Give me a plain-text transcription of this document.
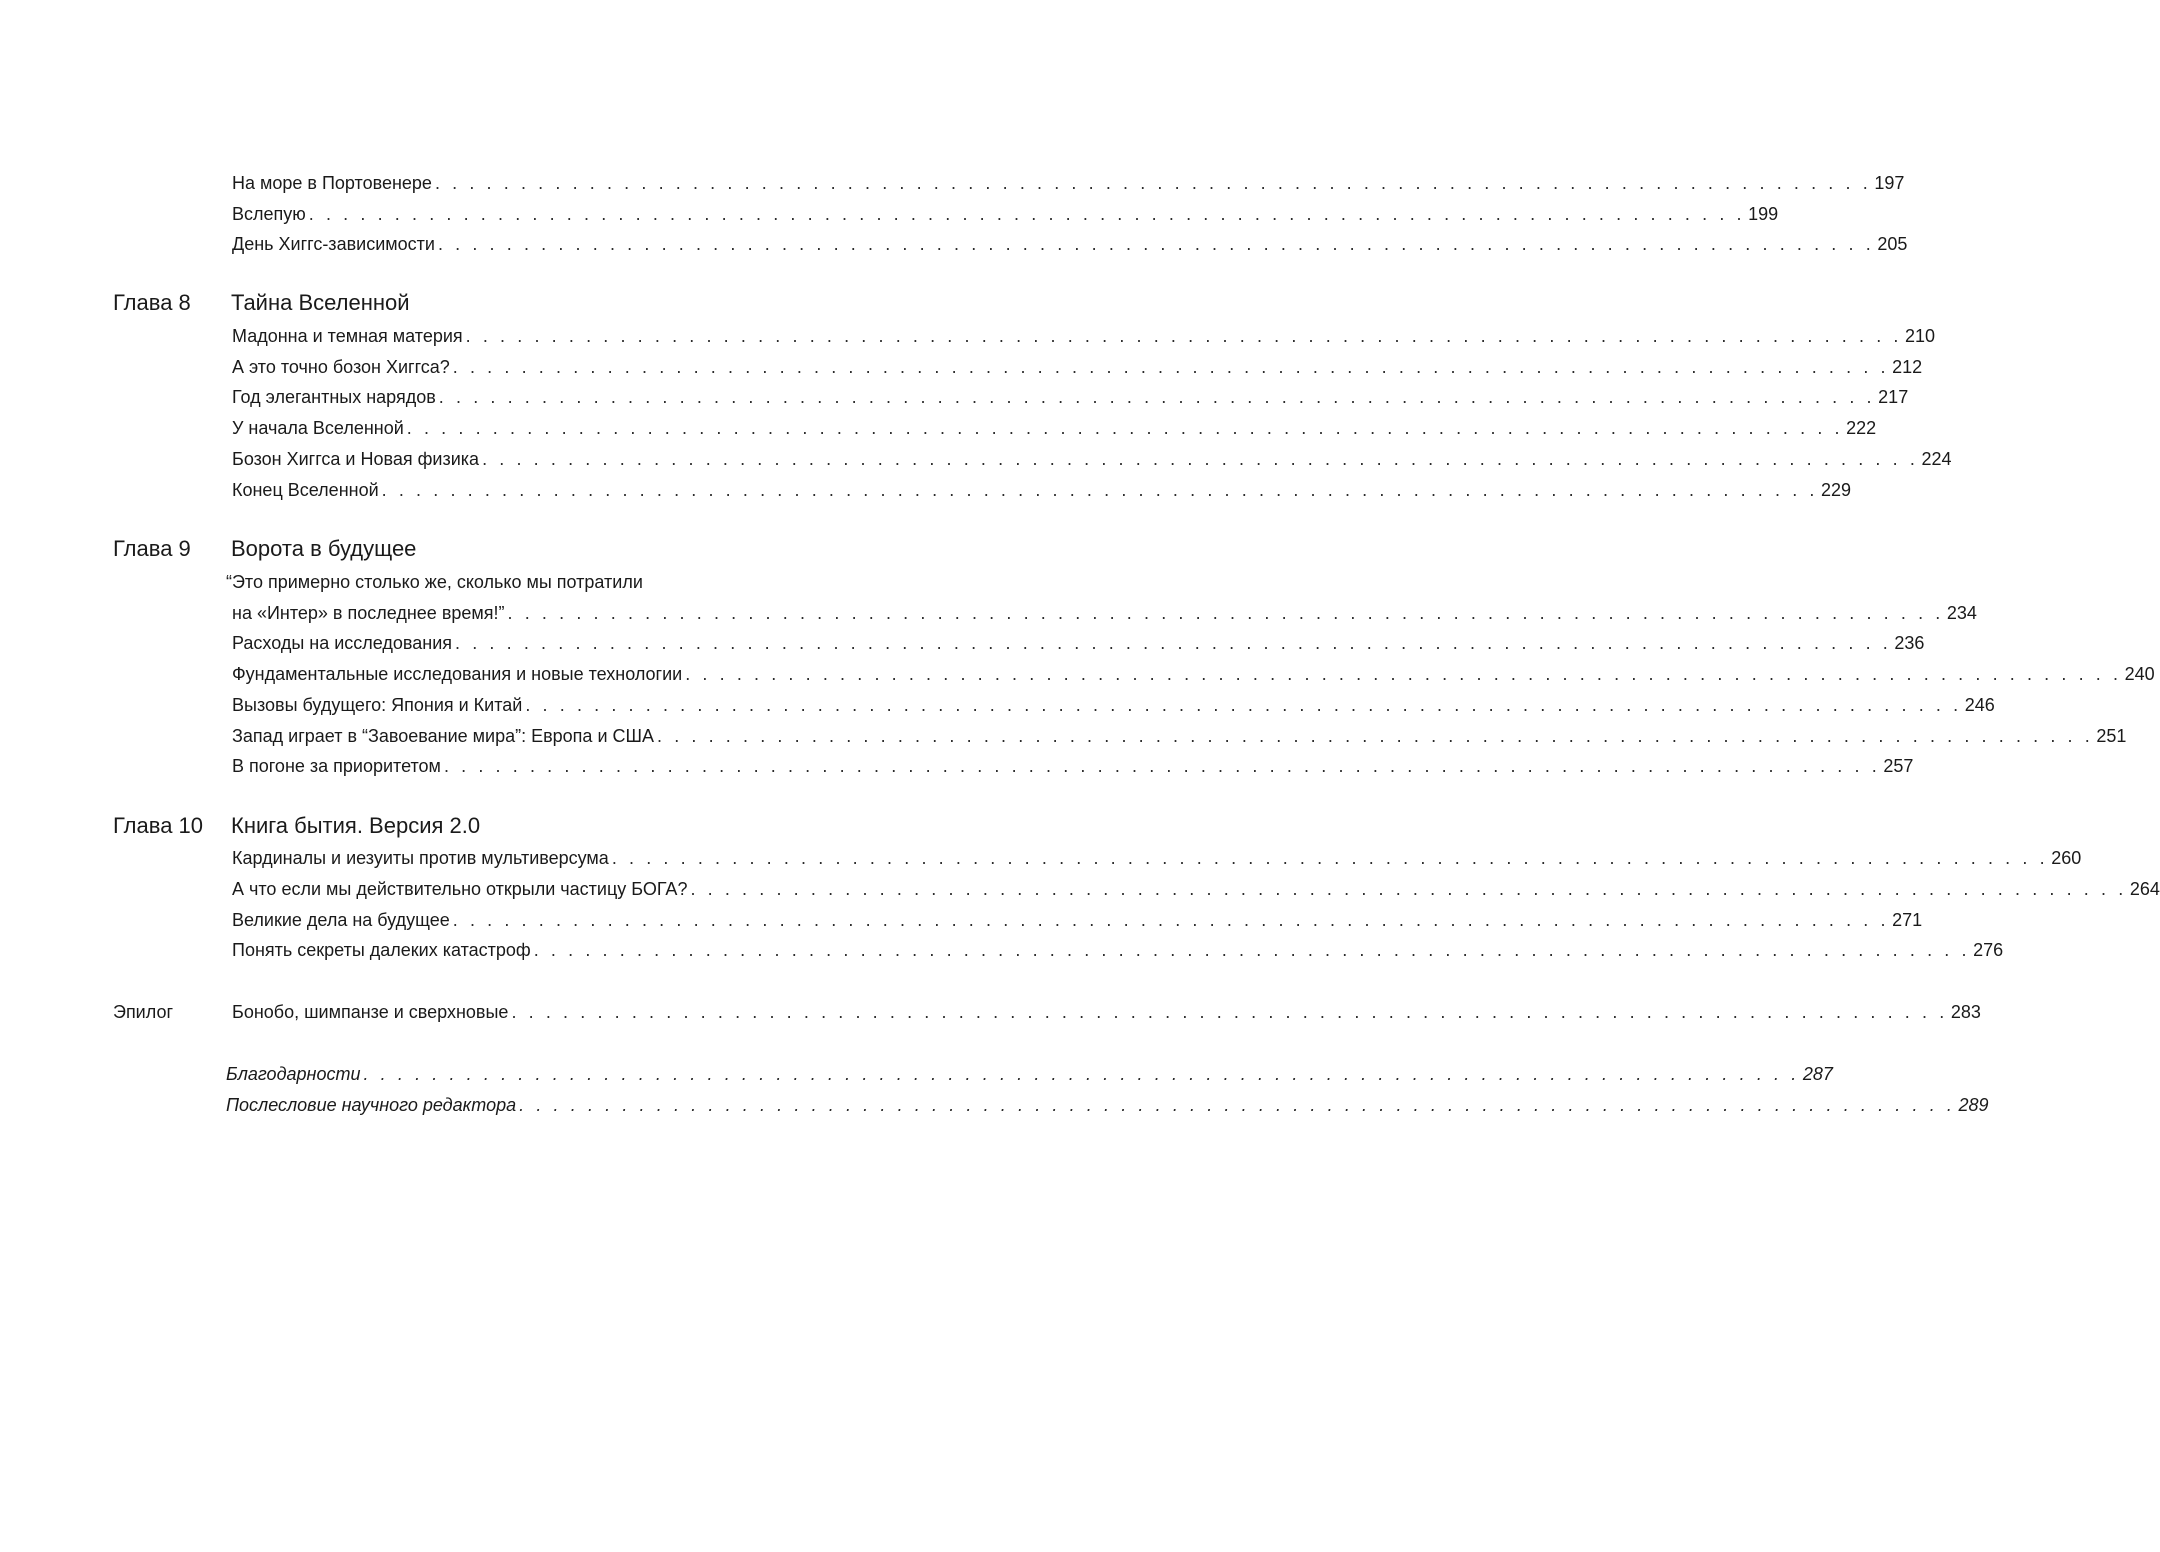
На море в Портовенере . . . . . . . . . . . . . . . . . . . . . . . . . . . . . . . . . . . . . . . . . . . . . . . . . . . . . . . . . . . . . . . . . . . . . . . . . . . . . . . . . . . . 197
Вслепую . . . . . . . . . . . . . . . . . . . . . . . . . . . . . . . . . . . . . . . . . . . . . . . . . . . . . . . . . . . . . . . . . . . . . . . . . . . . . . . . . . . . 199
День Хиггс-зависимости . . . . . . . . . . . . . . . . . . . . . . . . . . . . . . . . . . . . . . . . . . . . . . . . . . . . . . . . . . . . . . . . . . . . . . . . . . . . . . . . . . . . 205
Глава 8 Тайна Вселенной
Мадонна и темная материя . . . . . . . . . . . . . . . . . . . . . . . . . . . . . . . . . . . . . . . . . . . . . . . . . . . . . . . . . . . . . . . . . . . . . . . . . . . . . . . . . . . . 210
А это точно бозон Хиггса? . . . . . . . . . . . . . . . . . . . . . . . . . . . . . . . . . . . . . . . . . . . . . . . . . . . . . . . . . . . . . . . . . . . . . . . . . . . . . . . . . . . . 212
Год элегантных нарядов . . . . . . . . . . . . . . . . . . . . . . . . . . . . . . . . . . . . . . . . . . . . . . . . . . . . . . . . . . . . . . . . . . . . . . . . . . . . . . . . . . . . 217
У начала Вселенной . . . . . . . . . . . . . . . . . . . . . . . . . . . . . . . . . . . . . . . . . . . . . . . . . . . . . . . . . . . . . . . . . . . . . . . . . . . . . . . . . . . . 222
Бозон Хиггса и Новая физика . . . . . . . . . . . . . . . . . . . . . . . . . . . . . . . . . . . . . . . . . . . . . . . . . . . . . . . . . . . . . . . . . . . . . . . . . . . . . . . . . . . . 224
Конец Вселенной . . . . . . . . . . . . . . . . . . . . . . . . . . . . . . . . . . . . . . . . . . . . . . . . . . . . . . . . . . . . . . . . . . . . . . . . . . . . . . . . . . . . 229
Глава 9 Ворота в будущее
“Это примерно столько же, сколько мы потратили
на «Интер» в последнее время!” . . . . . . . . . . . . . . . . . . . . . . . . . . . . . . . . . . . . . . . . . . . . . . . . . . . . . . . . . . . . . . . . . . . . . . . . . . . . . . . . . . . . 234
Расходы на исследования . . . . . . . . . . . . . . . . . . . . . . . . . . . . . . . . . . . . . . . . . . . . . . . . . . . . . . . . . . . . . . . . . . . . . . . . . . . . . . . . . . . . 236
Фундаментальные исследования и новые технологии . . . . . . . . . . . . . . . . . . . . . . . . . . . . . . . . . . . . . . . . . . . . . . . . . . . . . . . . . . . . . . . . . . . . . . . . . . . . . . . . . . . . 240
Вызовы будущего: Япония и Китай . . . . . . . . . . . . . . . . . . . . . . . . . . . . . . . . . . . . . . . . . . . . . . . . . . . . . . . . . . . . . . . . . . . . . . . . . . . . . . . . . . . . 246
Запад играет в “Завоевание мира”: Европа и США . . . . . . . . . . . . . . . . . . . . . . . . . . . . . . . . . . . . . . . . . . . . . . . . . . . . . . . . . . . . . . . . . . . . . . . . . . . . . . . . . . . . 251
В погоне за приоритетом . . . . . . . . . . . . . . . . . . . . . . . . . . . . . . . . . . . . . . . . . . . . . . . . . . . . . . . . . . . . . . . . . . . . . . . . . . . . . . . . . . . . 257
Глава 10 Книга бытия. Версия 2.0
Кардиналы и иезуиты против мультиверсума . . . . . . . . . . . . . . . . . . . . . . . . . . . . . . . . . . . . . . . . . . . . . . . . . . . . . . . . . . . . . . . . . . . . . . . . . . . . . . . . . . . . 260
А что если мы действительно открыли частицу БОГА? . . . . . . . . . . . . . . . . . . . . . . . . . . . . . . . . . . . . . . . . . . . . . . . . . . . . . . . . . . . . . . . . . . . . . . . . . . . . . . . . . . . . 264
Великие дела на будущее . . . . . . . . . . . . . . . . . . . . . . . . . . . . . . . . . . . . . . . . . . . . . . . . . . . . . . . . . . . . . . . . . . . . . . . . . . . . . . . . . . . . 271
Понять секреты далеких катастроф . . . . . . . . . . . . . . . . . . . . . . . . . . . . . . . . . . . . . . . . . . . . . . . . . . . . . . . . . . . . . . . . . . . . . . . . . . . . . . . . . . . . 276
Эпилог	Бонобо, шимпанзе и сверхновые . . . . . . . . . . . . . . . . . . . . . . . . . . . . . . . . . . . . . . . . . . . . . . . . . . . . . . . . . . . . . . . . . . . . . . . . . . . . . . . . . . . . 283
Благодарности . . . . . . . . . . . . . . . . . . . . . . . . . . . . . . . . . . . . . . . . . . . . . . . . . . . . . . . . . . . . . . . . . . . . . . . . . . . . . . . . . . . . 287
Послесловие научного редактора . . . . . . . . . . . . . . . . . . . . . . . . . . . . . . . . . . . . . . . . . . . . . . . . . . . . . . . . . . . . . . . . . . . . . . . . . . . . . . . . . . . . 289
